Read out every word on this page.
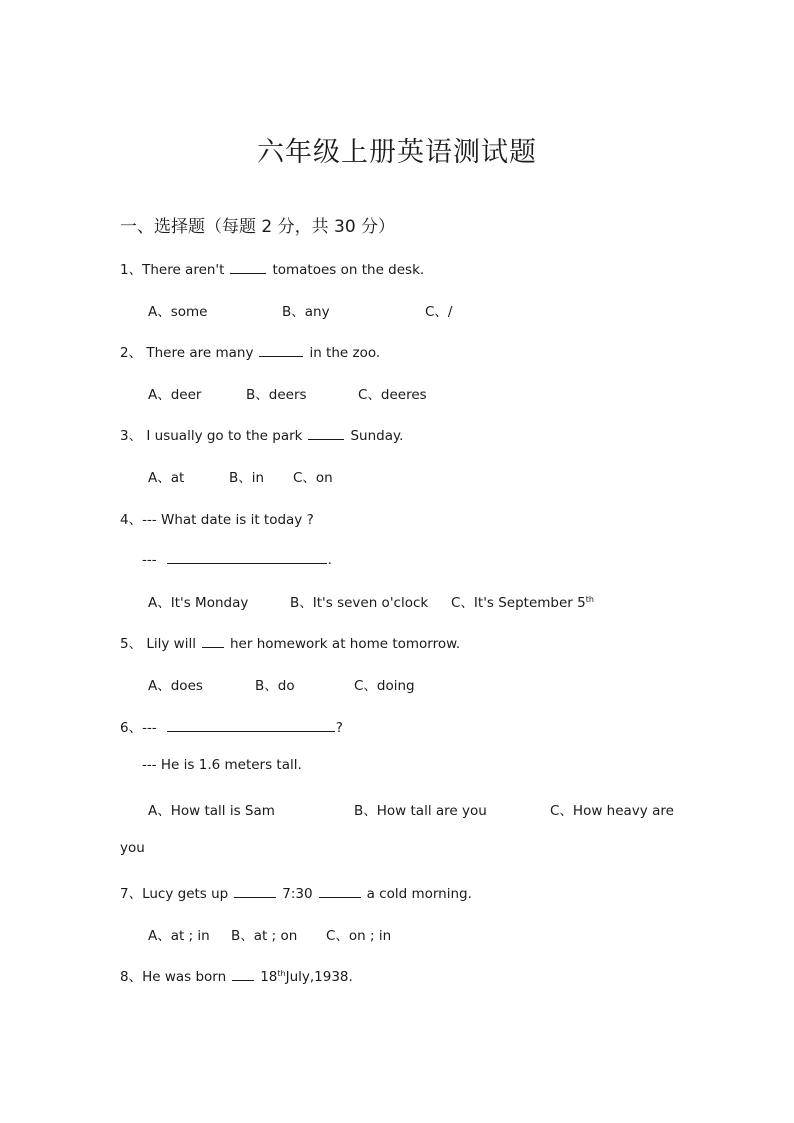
六年级上册英语测试题
一、选择题（每题 2 分，共 30 分）
1、There aren't	tomatoes on the desk.
A、some	B、any	C、/
2、 There are many	in the zoo.
A、deer	B、deers	C、deeres
3、 I usually go to the park	Sunday.
A、at	B、in C、on
4、--- What date is it today ?
---	.
A、It's Monday	B、It's seven o'clock C、It's September 5th
5、 Lily will	her homework at home tomorrow.
A、does	B、do	C、doing
6、---	?
--- He is 1.6 meters tall.
A、How tall is Sam	B、How tall are you	C、How heavy are
you
7、Lucy gets up	7:30	a cold morning.
A、at ; in B、at ; on C、on ; in
8、He was born	18thJuly,1938.
